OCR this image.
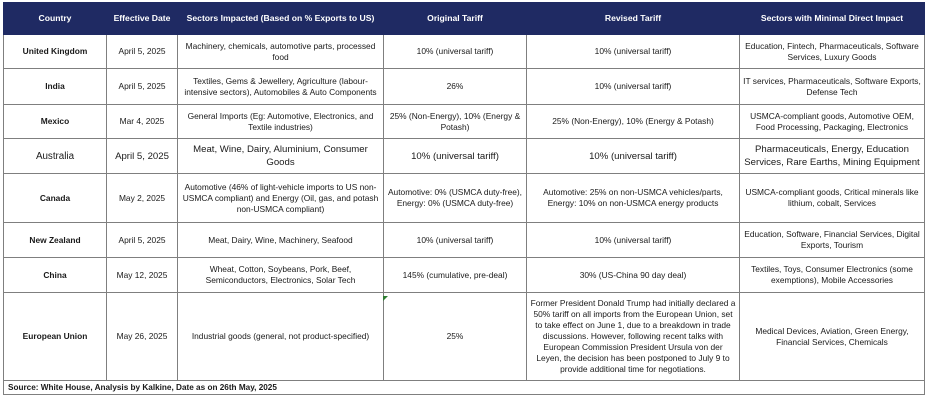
Country	Effective Date	Sectors Impacted (Based on % Exports to US)	Original Tariff	Revised Tariff	Sectors with Minimal Direct Impact
United Kingdom	April 5, 2025	Machinery, chemicals, automotive parts, processed food	10% (universal tariff)	10% (universal tariff)	Education, Fintech, Pharmaceuticals, Software Services, Luxury Goods
India	April 5, 2025	Textiles, Gems & Jewellery, Agriculture (labour-intensive sectors), Automobiles & Auto Components	26%	10% (universal tariff)	IT services, Pharmaceuticals, Software Exports, Defense Tech
Mexico	Mar 4, 2025	General Imports (Eg: Automotive, Electronics, and Textile industries)	25% (Non-Energy), 10% (Energy & Potash)	25% (Non-Energy), 10% (Energy & Potash)	USMCA-compliant goods, Automotive OEM, Food Processing, Packaging, Electronics
Australia	April 5, 2025	Meat, Wine, Dairy, Aluminium, Consumer Goods	10% (universal tariff)	10% (universal tariff)	Pharmaceuticals, Energy, Education Services, Rare Earths, Mining Equipment
Canada	May 2, 2025	Automotive (46% of light-vehicle imports to US non-USMCA compliant) and Energy (Oil, gas, and potash non-USMCA compliant)	Automotive: 0% (USMCA duty-free), Energy: 0% (USMCA duty-free)	Automotive: 25% on non-USMCA vehicles/parts, Energy: 10% on non-USMCA energy products	USMCA-compliant goods, Critical minerals like lithium, cobalt, Services
New Zealand	April 5, 2025	Meat, Dairy, Wine, Machinery, Seafood	10% (universal tariff)	10% (universal tariff)	Education, Software, Financial Services, Digital Exports, Tourism
China	May 12, 2025	Wheat, Cotton, Soybeans, Pork, Beef, Semiconductors, Electronics, Solar Tech	145% (cumulative, pre-deal)	30% (US-China 90 day deal)	Textiles, Toys, Consumer Electronics (some exemptions), Mobile Accessories
European Union	May 26, 2025	Industrial goods (general, not product-specified)	25%	Former President Donald Trump had initially declared a 50% tariff on all imports from the European Union, set to take effect on June 1, due to a breakdown in trade discussions. However, following recent talks with European Commission President Ursula von der Leyen, the decision has been postponed to July 9 to provide additional time for negotiations.	Medical Devices, Aviation, Green Energy, Financial Services, Chemicals
Source: White House, Analysis by Kalkine, Date as on 26th May, 2025					
